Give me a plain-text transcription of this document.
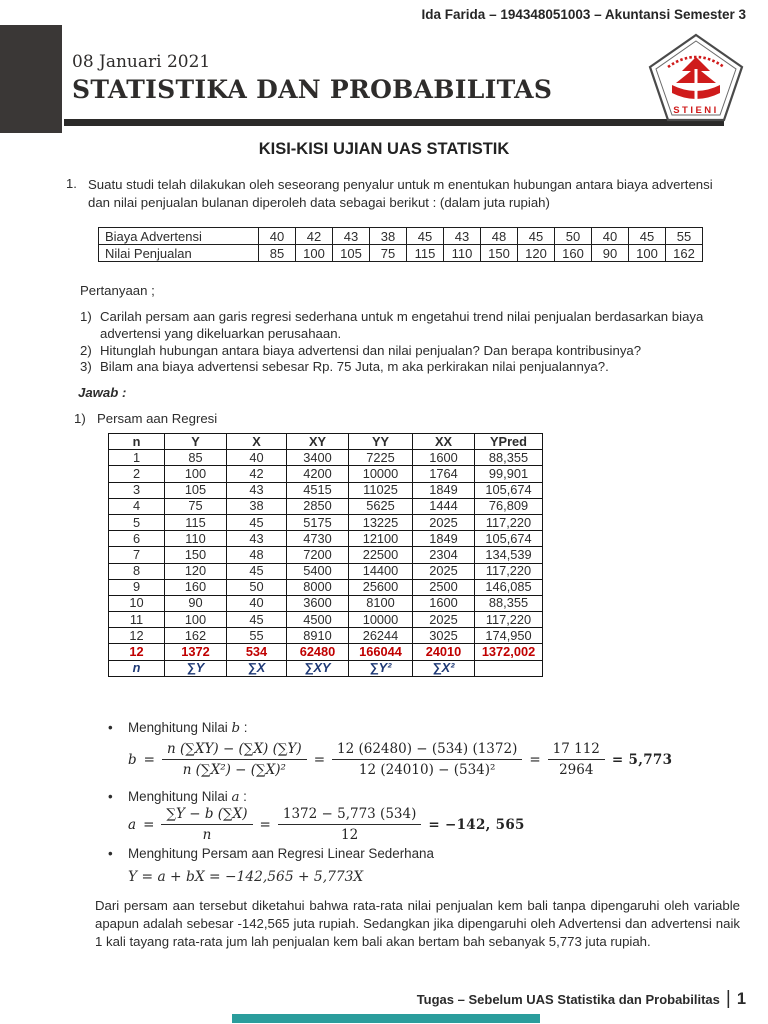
Ida Farida – 194348051003 – Akuntansi Semester 3
08 Januari 2021
STATISTIKA DAN PROBABILITAS
STIENI
KISI-KISI UJIAN UAS STATISTIK
1. Suatu studi telah dilakukan oleh seseorang penyalur untuk m enentukan hubungan antara biaya advertensi dan nilai penjualan bulanan diperoleh data sebagai berikut : (dalam juta rupiah)
Biaya Advertensi	40	42	43	38	45	43	48	45	50	40	45	55
Nilai Penjualan	85	100	105	75	115	110	150	120	160	90	100	162
Pertanyaan ;
1) Carilah persam aan garis regresi sederhana untuk m engetahui trend nilai penjualan berdasarkan biaya advertensi yang dikeluarkan perusahaan.
2) Hitunglah hubungan antara biaya advertensi dan nilai penjualan? Dan berapa kontribusinya?
3) Bilam ana biaya advertensi sebesar Rp. 75 Juta, m aka perkirakan nilai penjualannya?.
Jawab :
1) Persam aan Regresi
n	Y	X	XY	YY	XX	YPred
1	85	40	3400	7225	1600	88,355
2	100	42	4200	10000	1764	99,901
3	105	43	4515	11025	1849	105,674
4	75	38	2850	5625	1444	76,809
5	115	45	5175	13225	2025	117,220
6	110	43	4730	12100	1849	105,674
7	150	48	7200	22500	2304	134,539
8	120	45	5400	14400	2025	117,220
9	160	50	8000	25600	2500	146,085
10	90	40	3600	8100	1600	88,355
11	100	45	4500	10000	2025	117,220
12	162	55	8910	26244	3025	174,950
12	1372	534	62480	166044	24010	1372,002
n	∑Y	∑X	∑XY	∑Y²	∑X²	
•	Menghitung Nilai b :
$b = \frac{n (\sum XY) - (\sum X) (\sum Y)}{\text{n (∑X²) − (∑X)²}} = \frac{12 (62480) - (534) (1372)}{\text{12 (24010) − (534)²}} = \frac{17 112}{2964} = 5,773$
•	Menghitung Nilai a :
$a = \frac{\sum Y - b (\sum X)}{n} = \frac{1372 - 5,773 (534)}{12} = -142$, 565
•	Menghitung Persam aan Regresi Linear Sederhana
Y = a + bX = −142,565 + 5,773X
Dari persam aan tersebut diketahui bahwa rata-rata nilai penjualan kem bali tanpa dipengaruhi oleh variable apapun adalah sebesar -142,565 juta rupiah. Sedangkan jika dipengaruhi oleh Advertensi dan advertensi naik 1 kali tayang rata-rata jum lah penjualan kem bali akan bertam bah sebanyak 5,773 juta rupiah.
Tugas – Sebelum UAS Statistika dan Probabilitas | 1
